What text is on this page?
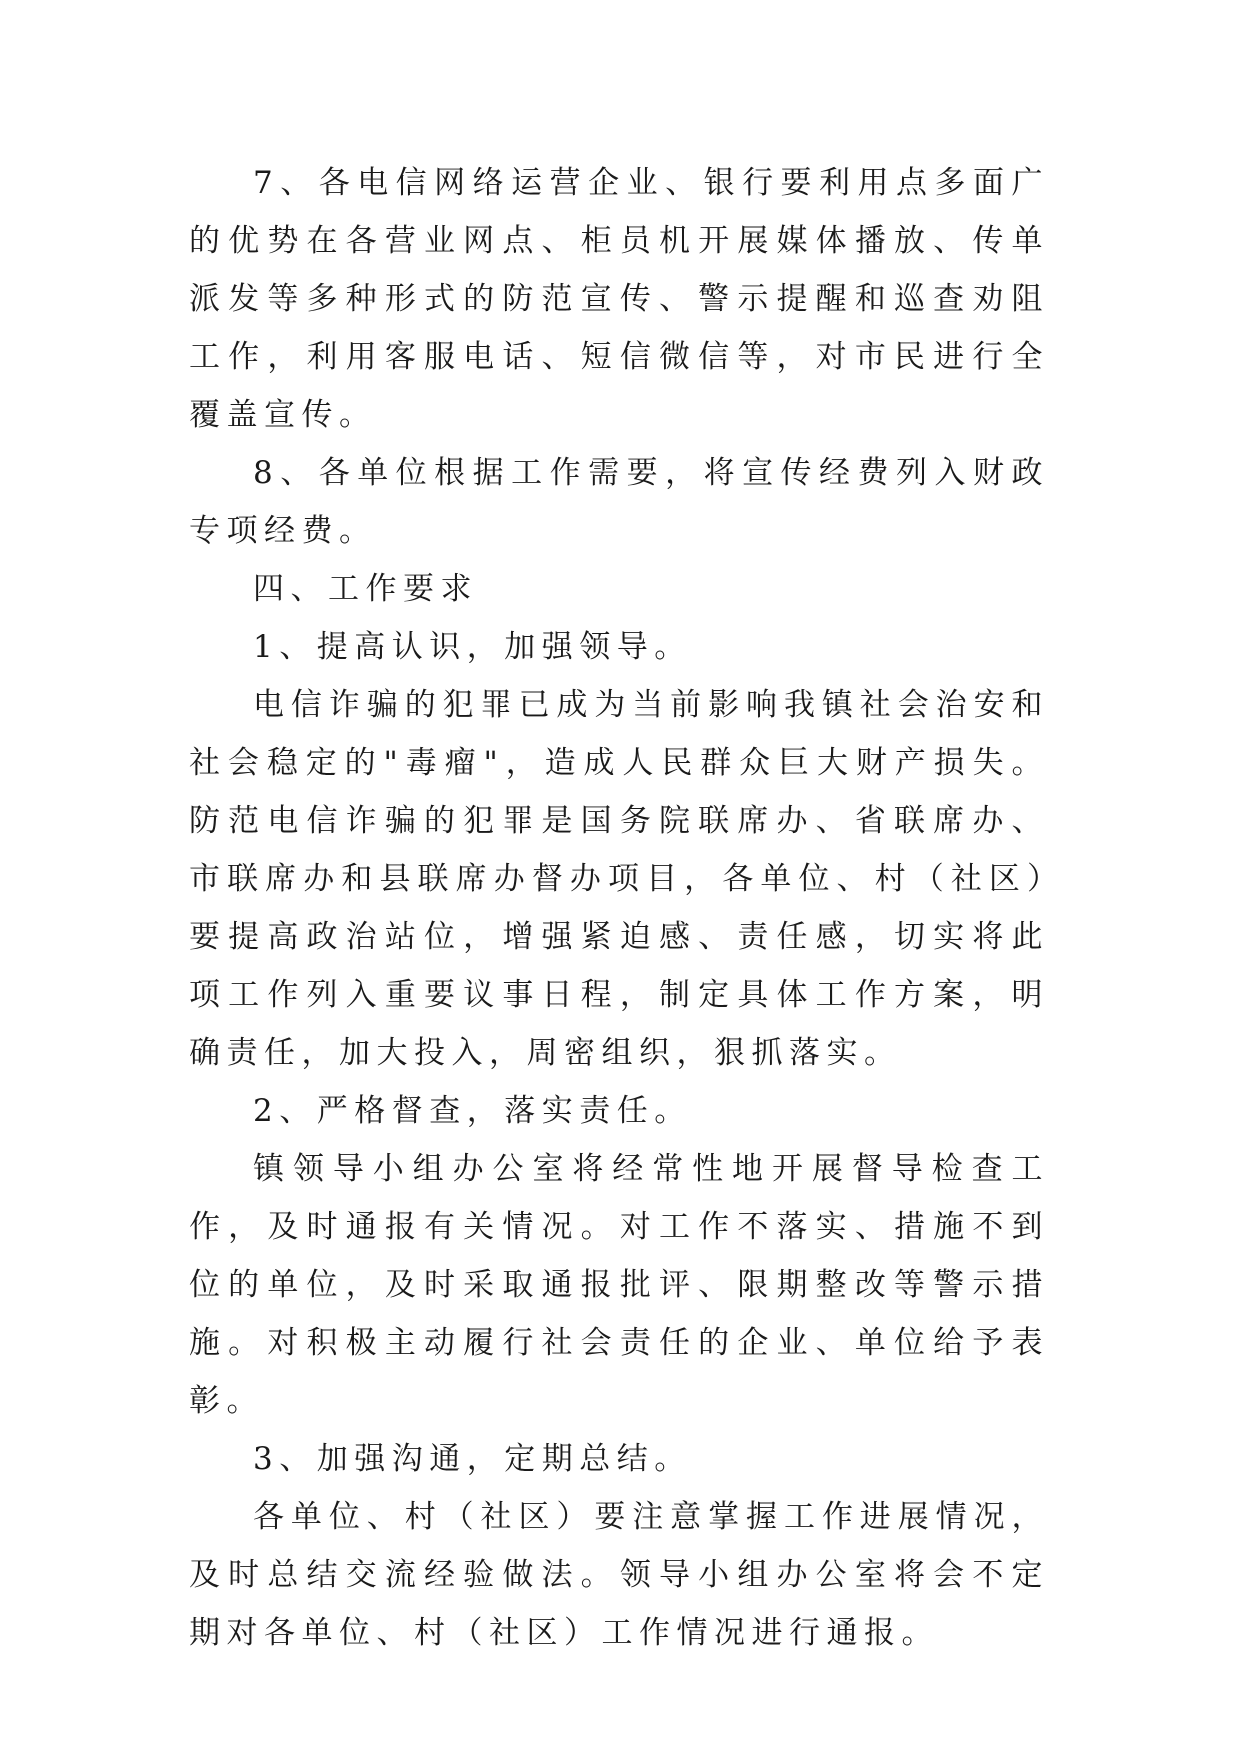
7、各电信网络运营企业、银行要利用点多面广的优势在各营业网点、柜员机开展媒体播放、传单派发等多种形式的防范宣传、警示提醒和巡查劝阻工作，利用客服电话、短信微信等，对市民进行全覆盖宣传。

8、各单位根据工作需要，将宣传经费列入财政专项经费。

四、工作要求

1、提高认识，加强领导。

电信诈骗的犯罪已成为当前影响我镇社会治安和社会稳定的"毒瘤"，造成人民群众巨大财产损失。防范电信诈骗的犯罪是国务院联席办、省联席办、市联席办和县联席办督办项目，各单位、村（社区）要提高政治站位，增强紧迫感、责任感，切实将此项工作列入重要议事日程，制定具体工作方案，明确责任，加大投入，周密组织，狠抓落实。

2、严格督查，落实责任。

镇领导小组办公室将经常性地开展督导检查工作，及时通报有关情况。对工作不落实、措施不到位的单位，及时采取通报批评、限期整改等警示措施。对积极主动履行社会责任的企业、单位给予表彰。

3、加强沟通，定期总结。

各单位、村（社区）要注意掌握工作进展情况，及时总结交流经验做法。领导小组办公室将会不定期对各单位、村（社区）工作情况进行通报。
